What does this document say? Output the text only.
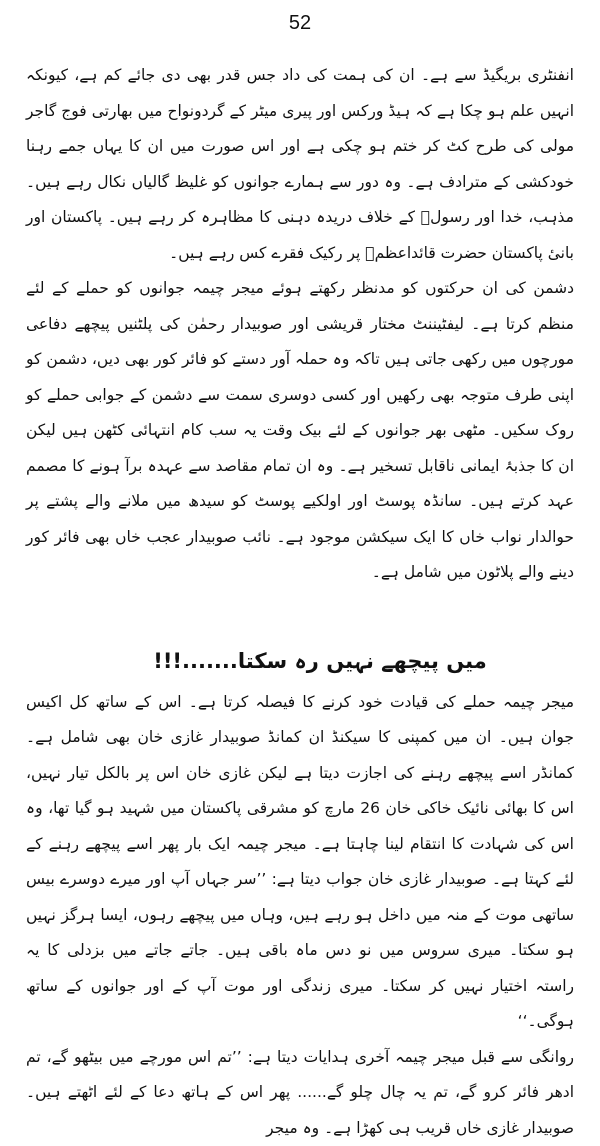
52

انفنٹری بریگیڈ سے ہے۔ ان کی ہمت کی داد جس قدر بھی دی جائے کم ہے، کیونکہ انہیں علم ہو چکا ہے کہ ہیڈ ورکس اور پیری میٹر کے گردونواح میں بھارتی فوج گاجر مولی کی طرح کٹ کر ختم ہو چکی ہے اور اس صورت میں ان کا یہاں جمے رہنا خودکشی کے مترادف ہے۔ وہ دور سے ہمارے جوانوں کو غلیظ گالیاں نکال رہے ہیں۔ مذہب، خدا اور رسولؐ کے خلاف دریدہ دہنی کا مظاہرہ کر رہے ہیں۔ پاکستان اور بانیٔ پاکستان حضرت قائداعظمؒ پر رکیک فقرے کس رہے ہیں۔

دشمن کی ان حرکتوں کو مدنظر رکھتے ہوئے میجر چیمہ جوانوں کو حملے کے لئے منظم کرتا ہے۔ لیفٹیننٹ مختار قریشی اور صوبیدار رحمٰن کی پلٹنیں پیچھے دفاعی مورچوں میں رکھی جاتی ہیں تاکہ وہ حملہ آور دستے کو فائر کور بھی دیں، دشمن کو اپنی طرف متوجہ بھی رکھیں اور کسی دوسری سمت سے دشمن کے جوابی حملے کو روک سکیں۔ مٹھی بھر جوانوں کے لئے بیک وقت یہ سب کام انتہائی کٹھن ہیں لیکن ان کا جذبۂ ایمانی ناقابل تسخیر ہے۔ وہ ان تمام مقاصد سے عہدہ برآ ہونے کا مصمم عہد کرتے ہیں۔ سانڈہ پوسٹ اور اولکیے پوسٹ کو سیدھ میں ملانے والے پشتے پر حوالدار نواب خاں کا ایک سیکشن موجود ہے۔ نائب صوبیدار عجب خاں بھی فائر کور دینے والے پلاٹون میں شامل ہے۔

میں پیچھے نہیں رہ سکتا.......!!!

میجر چیمہ حملے کی قیادت خود کرنے کا فیصلہ کرتا ہے۔ اس کے ساتھ کل اکیس جوان ہیں۔ ان میں کمپنی کا سیکنڈ ان کمانڈ صوبیدار غازی خان بھی شامل ہے۔ کمانڈر اسے پیچھے رہنے کی اجازت دیتا ہے لیکن غازی خان اس پر بالکل تیار نہیں، اس کا بھائی نائیک خاکی خان 26 مارچ کو مشرقی پاکستان میں شہید ہو گیا تھا، وہ اس کی شہادت کا انتقام لینا چاہتا ہے۔ میجر چیمہ ایک بار پھر اسے پیچھے رہنے کے لئے کہتا ہے۔ صوبیدار غازی خان جواب دیتا ہے: ’’سر جہاں آپ اور میرے دوسرے بیس ساتھی موت کے منہ میں داخل ہو رہے ہیں، وہاں میں پیچھے رہوں، ایسا ہرگز نہیں ہو سکتا۔ میری سروس میں نو دس ماہ باقی ہیں۔ جاتے جاتے میں بزدلی کا یہ راستہ اختیار نہیں کر سکتا۔ میری زندگی اور موت آپ کے اور جوانوں کے ساتھ ہوگی۔‘‘

روانگی سے قبل میجر چیمہ آخری ہدایات دیتا ہے: ’’تم اس مورچے میں بیٹھو گے، تم ادھر فائر کرو گے، تم یہ چال چلو گے...... پھر اس کے ہاتھ دعا کے لئے اٹھتے ہیں۔ صوبیدار غازی خاں قریب ہی کھڑا ہے۔ وہ میجر
